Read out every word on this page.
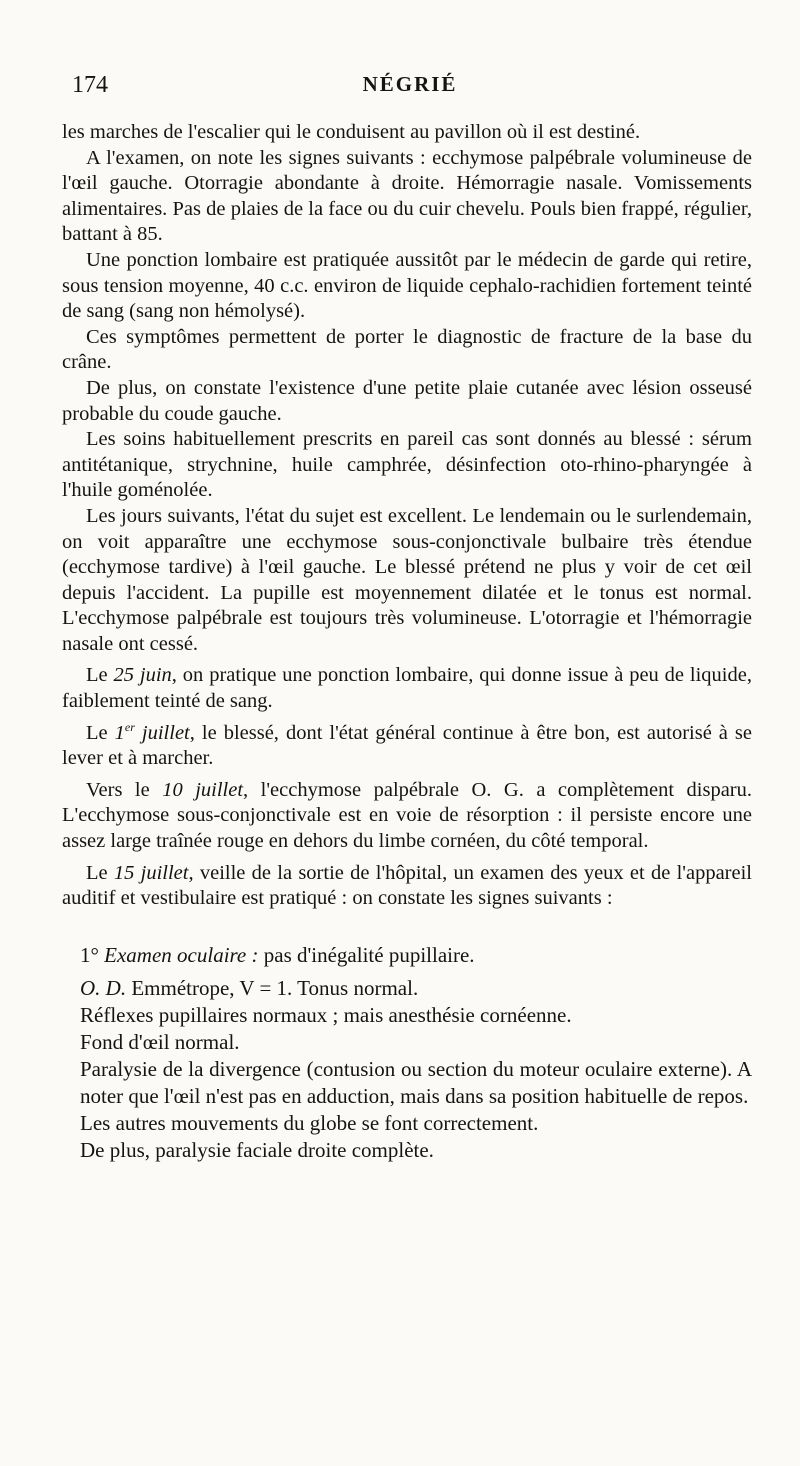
174	NÉGRIÉ

les marches de l'escalier qui le conduisent au pavillon où il est destiné.

A l'examen, on note les signes suivants : ecchymose palpébrale volumineuse de l'œil gauche. Otorragie abondante à droite. Hémorragie nasale. Vomissements alimentaires. Pas de plaies de la face ou du cuir chevelu. Pouls bien frappé, régulier, battant à 85.

Une ponction lombaire est pratiquée aussitôt par le médecin de garde qui retire, sous tension moyenne, 40 c.c. environ de liquide cephalo-rachidien fortement teinté de sang (sang non hémolysé).

Ces symptômes permettent de porter le diagnostic de fracture de la base du crâne.

De plus, on constate l'existence d'une petite plaie cutanée avec lésion osseusé probable du coude gauche.

Les soins habituellement prescrits en pareil cas sont donnés au blessé : sérum antitétanique, strychnine, huile camphrée, désinfection oto-rhino-pharyngée à l'huile goménolée.

Les jours suivants, l'état du sujet est excellent. Le lendemain ou le surlendemain, on voit apparaître une ecchymose sous-conjonctivale bulbaire très étendue (ecchymose tardive) à l'œil gauche. Le blessé prétend ne plus y voir de cet œil depuis l'accident. La pupille est moyennement dilatée et le tonus est normal. L'ecchymose palpébrale est toujours très volumineuse. L'otorragie et l'hémorragie nasale ont cessé.

Le 25 juin, on pratique une ponction lombaire, qui donne issue à peu de liquide, faiblement teinté de sang.

Le 1er juillet, le blessé, dont l'état général continue à être bon, est autorisé à se lever et à marcher.

Vers le 10 juillet, l'ecchymose palpébrale O. G. a complètement disparu. L'ecchymose sous-conjonctivale est en voie de résorption : il persiste encore une assez large traînée rouge en dehors du limbe cornéen, du côté temporal.

Le 15 juillet, veille de la sortie de l'hôpital, un examen des yeux et de l'appareil auditif et vestibulaire est pratiqué : on constate les signes suivants :

1° Examen oculaire : pas d'inégalité pupillaire.

O. D. Emmétrope, V = 1. Tonus normal.

Réflexes pupillaires normaux ; mais anesthésie cornéenne.

Fond d'œil normal.

Paralysie de la divergence (contusion ou section du moteur oculaire externe). A noter que l'œil n'est pas en adduction, mais dans sa position habituelle de repos.

Les autres mouvements du globe se font correctement.

De plus, paralysie faciale droite complète.
